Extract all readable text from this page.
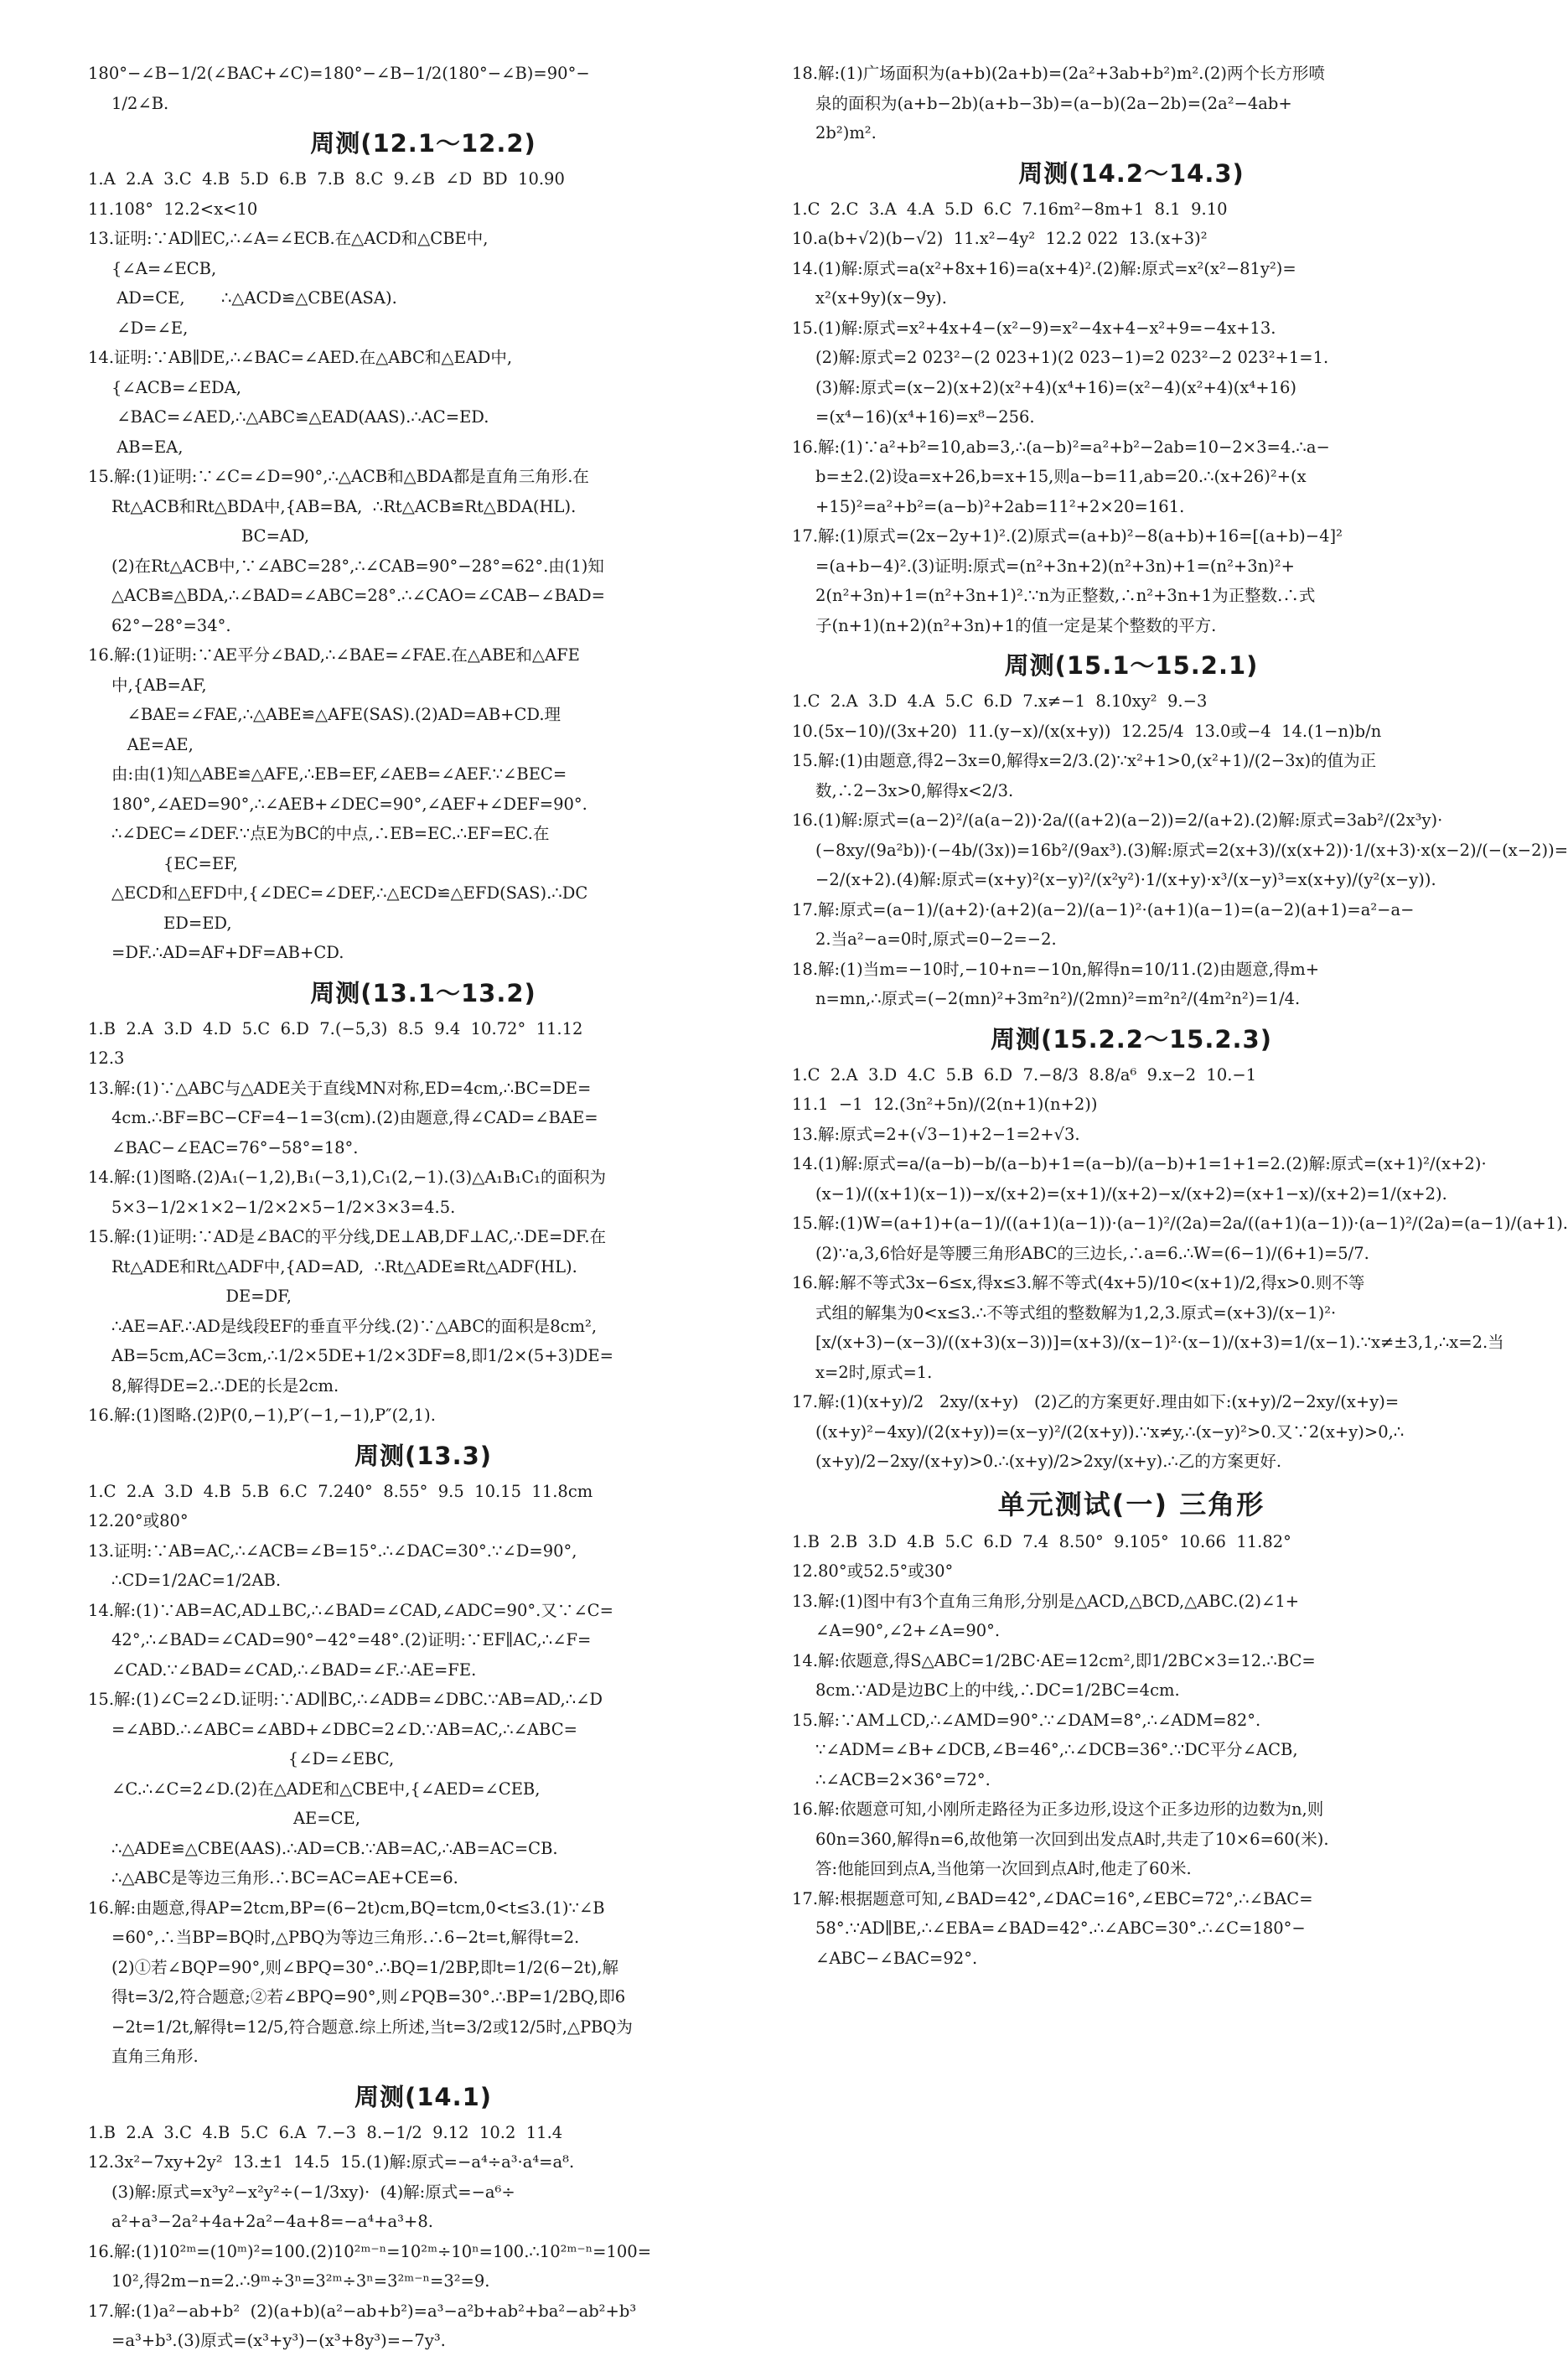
180°−∠B−1/2(∠BAC+∠C)=180°−∠B−1/2(180°−∠B)=90°−
1/2∠B.
周测(12.1～12.2)
1.A  2.A  3.C  4.B  5.D  6.B  7.B  8.C  9.∠B  ∠D  BD  10.90
11.108°  12.2<x<10
13.证明:∵AD∥EC,∴∠A=∠ECB.在△ACD和△CBE中,
{∠A=∠ECB,
AD=CE,       ∴△ACD≌△CBE(ASA).
∠D=∠E,
14.证明:∵AB∥DE,∴∠BAC=∠AED.在△ABC和△EAD中,
{∠ACB=∠EDA,
∠BAC=∠AED,∴△ABC≌△EAD(AAS).∴AC=ED.
AB=EA,
15.解:(1)证明:∵∠C=∠D=90°,∴△ACB和△BDA都是直角三角形.在
Rt△ACB和Rt△BDA中,{AB=BA,  ∴Rt△ACB≌Rt△BDA(HL).
BC=AD,
(2)在Rt△ACB中,∵∠ABC=28°,∴∠CAB=90°−28°=62°.由(1)知
△ACB≌△BDA,∴∠BAD=∠ABC=28°.∴∠CAO=∠CAB−∠BAD=
62°−28°=34°.
16.解:(1)证明:∵AE平分∠BAD,∴∠BAE=∠FAE.在△ABE和△AFE
中,{AB=AF,
∠BAE=∠FAE,∴△ABE≌△AFE(SAS).(2)AD=AB+CD.理
AE=AE,
由:由(1)知△ABE≌△AFE,∴EB=EF,∠AEB=∠AEF.∵∠BEC=
180°,∠AED=90°,∴∠AEB+∠DEC=90°,∠AEF+∠DEF=90°.
∴∠DEC=∠DEF.∵点E为BC的中点,∴EB=EC.∴EF=EC.在
{EC=EF,
△ECD和△EFD中,{∠DEC=∠DEF,∴△ECD≌△EFD(SAS).∴DC
ED=ED,
=DF.∴AD=AF+DF=AB+CD.
周测(13.1～13.2)
1.B  2.A  3.D  4.D  5.C  6.D  7.(−5,3)  8.5  9.4  10.72°  11.12
12.3
13.解:(1)∵△ABC与△ADE关于直线MN对称,ED=4cm,∴BC=DE=
4cm.∴BF=BC−CF=4−1=3(cm).(2)由题意,得∠CAD=∠BAE=
∠BAC−∠EAC=76°−58°=18°.
14.解:(1)图略.(2)A₁(−1,2),B₁(−3,1),C₁(2,−1).(3)△A₁B₁C₁的面积为
5×3−1/2×1×2−1/2×2×5−1/2×3×3=4.5.
15.解:(1)证明:∵AD是∠BAC的平分线,DE⊥AB,DF⊥AC,∴DE=DF.在
Rt△ADE和Rt△ADF中,{AD=AD,  ∴Rt△ADE≌Rt△ADF(HL).
DE=DF,
∴AE=AF.∴AD是线段EF的垂直平分线.(2)∵△ABC的面积是8cm²,
AB=5cm,AC=3cm,∴1/2×5DE+1/2×3DF=8,即1/2×(5+3)DE=
8,解得DE=2.∴DE的长是2cm.
16.解:(1)图略.(2)P(0,−1),P′(−1,−1),P″(2,1).
周测(13.3)
1.C  2.A  3.D  4.B  5.B  6.C  7.240°  8.55°  9.5  10.15  11.8cm
12.20°或80°
13.证明:∵AB=AC,∴∠ACB=∠B=15°.∴∠DAC=30°.∵∠D=90°,
∴CD=1/2AC=1/2AB.
14.解:(1)∵AB=AC,AD⊥BC,∴∠BAD=∠CAD,∠ADC=90°.又∵∠C=
42°,∴∠BAD=∠CAD=90°−42°=48°.(2)证明:∵EF∥AC,∴∠F=
∠CAD.∵∠BAD=∠CAD,∴∠BAD=∠F.∴AE=FE.
15.解:(1)∠C=2∠D.证明:∵AD∥BC,∴∠ADB=∠DBC.∵AB=AD,∴∠D
=∠ABD.∴∠ABC=∠ABD+∠DBC=2∠D.∵AB=AC,∴∠ABC=
{∠D=∠EBC,
∠C.∴∠C=2∠D.(2)在△ADE和△CBE中,{∠AED=∠CEB,
AE=CE,
∴△ADE≌△CBE(AAS).∴AD=CB.∵AB=AC,∴AB=AC=CB.
∴△ABC是等边三角形.∴BC=AC=AE+CE=6.
16.解:由题意,得AP=2tcm,BP=(6−2t)cm,BQ=tcm,0<t≤3.(1)∵∠B
=60°,∴当BP=BQ时,△PBQ为等边三角形.∴6−2t=t,解得t=2.
(2)①若∠BQP=90°,则∠BPQ=30°.∴BQ=1/2BP,即t=1/2(6−2t),解
得t=3/2,符合题意;②若∠BPQ=90°,则∠PQB=30°.∴BP=1/2BQ,即6
−2t=1/2t,解得t=12/5,符合题意.综上所述,当t=3/2或12/5时,△PBQ为
直角三角形.
周测(14.1)
1.B  2.A  3.C  4.B  5.C  6.A  7.−3  8.−1/2  9.12  10.2  11.4
12.3x²−7xy+2y²  13.±1  14.5  15.(1)解:原式=−a⁴÷a³·a⁴=a⁸.
(3)解:原式=x³y²−x²y²÷(−1/3xy)·  (4)解:原式=−a⁶÷
a²+a³−2a²+4a+2a²−4a+8=−a⁴+a³+8.
16.解:(1)10²ᵐ=(10ᵐ)²=100.(2)10²ᵐ⁻ⁿ=10²ᵐ÷10ⁿ=100.∴10²ᵐ⁻ⁿ=100=
10²,得2m−n=2.∴9ᵐ÷3ⁿ=3²ᵐ÷3ⁿ=3²ᵐ⁻ⁿ=3²=9.
17.解:(1)a²−ab+b²  (2)(a+b)(a²−ab+b²)=a³−a²b+ab²+ba²−ab²+b³
=a³+b³.(3)原式=(x³+y³)−(x³+8y³)=−7y³.
18.解:(1)广场面积为(a+b)(2a+b)=(2a²+3ab+b²)m².(2)两个长方形喷
泉的面积为(a+b−2b)(a+b−3b)=(a−b)(2a−2b)=(2a²−4ab+
2b²)m².
周测(14.2～14.3)
1.C  2.C  3.A  4.A  5.D  6.C  7.16m²−8m+1  8.1  9.10
10.a(b+√2)(b−√2)  11.x²−4y²  12.2 022  13.(x+3)²
14.(1)解:原式=a(x²+8x+16)=a(x+4)².(2)解:原式=x²(x²−81y²)=
x²(x+9y)(x−9y).
15.(1)解:原式=x²+4x+4−(x²−9)=x²−4x+4−x²+9=−4x+13.
(2)解:原式=2 023²−(2 023+1)(2 023−1)=2 023²−2 023²+1=1.
(3)解:原式=(x−2)(x+2)(x²+4)(x⁴+16)=(x²−4)(x²+4)(x⁴+16)
=(x⁴−16)(x⁴+16)=x⁸−256.
16.解:(1)∵a²+b²=10,ab=3,∴(a−b)²=a²+b²−2ab=10−2×3=4.∴a−
b=±2.(2)设a=x+26,b=x+15,则a−b=11,ab=20.∴(x+26)²+(x
+15)²=a²+b²=(a−b)²+2ab=11²+2×20=161.
17.解:(1)原式=(2x−2y+1)².(2)原式=(a+b)²−8(a+b)+16=[(a+b)−4]²
=(a+b−4)².(3)证明:原式=(n²+3n+2)(n²+3n)+1=(n²+3n)²+
2(n²+3n)+1=(n²+3n+1)².∵n为正整数,∴n²+3n+1为正整数.∴式
子(n+1)(n+2)(n²+3n)+1的值一定是某个整数的平方.
周测(15.1～15.2.1)
1.C  2.A  3.D  4.A  5.C  6.D  7.x≠−1  8.10xy²  9.−3
10.(5x−10)/(3x+20)  11.(y−x)/(x(x+y))  12.25/4  13.0或−4  14.(1−n)b/n
15.解:(1)由题意,得2−3x=0,解得x=2/3.(2)∵x²+1>0,(x²+1)/(2−3x)的值为正
数,∴2−3x>0,解得x<2/3.
16.(1)解:原式=(a−2)²/(a(a−2))·2a/((a+2)(a−2))=2/(a+2).(2)解:原式=3ab²/(2x³y)·
(−8xy/(9a²b))·(−4b/(3x))=16b²/(9ax³).(3)解:原式=2(x+3)/(x(x+2))·1/(x+3)·x(x−2)/(−(x−2))=
−2/(x+2).(4)解:原式=(x+y)²(x−y)²/(x²y²)·1/(x+y)·x³/(x−y)³=x(x+y)/(y²(x−y)).
17.解:原式=(a−1)/(a+2)·(a+2)(a−2)/(a−1)²·(a+1)(a−1)=(a−2)(a+1)=a²−a−
2.当a²−a=0时,原式=0−2=−2.
18.解:(1)当m=−10时,−10+n=−10n,解得n=10/11.(2)由题意,得m+
n=mn,∴原式=(−2(mn)²+3m²n²)/(2mn)²=m²n²/(4m²n²)=1/4.
周测(15.2.2～15.2.3)
1.C  2.A  3.D  4.C  5.B  6.D  7.−8/3  8.8/a⁶  9.x−2  10.−1
11.1  −1  12.(3n²+5n)/(2(n+1)(n+2))
13.解:原式=2+(√3−1)+2−1=2+√3.
14.(1)解:原式=a/(a−b)−b/(a−b)+1=(a−b)/(a−b)+1=1+1=2.(2)解:原式=(x+1)²/(x+2)·
(x−1)/((x+1)(x−1))−x/(x+2)=(x+1)/(x+2)−x/(x+2)=(x+1−x)/(x+2)=1/(x+2).
15.解:(1)W=(a+1)+(a−1)/((a+1)(a−1))·(a−1)²/(2a)=2a/((a+1)(a−1))·(a−1)²/(2a)=(a−1)/(a+1).
(2)∵a,3,6恰好是等腰三角形ABC的三边长,∴a=6.∴W=(6−1)/(6+1)=5/7.
16.解:解不等式3x−6≤x,得x≤3.解不等式(4x+5)/10<(x+1)/2,得x>0.则不等
式组的解集为0<x≤3.∴不等式组的整数解为1,2,3.原式=(x+3)/(x−1)²·
[x/(x+3)−(x−3)/((x+3)(x−3))]=(x+3)/(x−1)²·(x−1)/(x+3)=1/(x−1).∵x≠±3,1,∴x=2.当
x=2时,原式=1.
17.解:(1)(x+y)/2   2xy/(x+y)   (2)乙的方案更好.理由如下:(x+y)/2−2xy/(x+y)=
((x+y)²−4xy)/(2(x+y))=(x−y)²/(2(x+y)).∵x≠y,∴(x−y)²>0.又∵2(x+y)>0,∴
(x+y)/2−2xy/(x+y)>0.∴(x+y)/2>2xy/(x+y).∴乙的方案更好.
单元测试(一) 三角形
1.B  2.B  3.D  4.B  5.C  6.D  7.4  8.50°  9.105°  10.66  11.82°
12.80°或52.5°或30°
13.解:(1)图中有3个直角三角形,分别是△ACD,△BCD,△ABC.(2)∠1+
∠A=90°,∠2+∠A=90°.
14.解:依题意,得S△ABC=1/2BC·AE=12cm²,即1/2BC×3=12.∴BC=
8cm.∵AD是边BC上的中线,∴DC=1/2BC=4cm.
15.解:∵AM⊥CD,∴∠AMD=90°.∵∠DAM=8°,∴∠ADM=82°.
∵∠ADM=∠B+∠DCB,∠B=46°,∴∠DCB=36°.∵DC平分∠ACB,
∴∠ACB=2×36°=72°.
16.解:依题意可知,小刚所走路径为正多边形,设这个正多边形的边数为n,则
60n=360,解得n=6,故他第一次回到出发点A时,共走了10×6=60(米).
答:他能回到点A,当他第一次回到点A时,他走了60米.
17.解:根据题意可知,∠BAD=42°,∠DAC=16°,∠EBC=72°,∴∠BAC=
58°.∵AD∥BE,∴∠EBA=∠BAD=42°.∴∠ABC=30°.∴∠C=180°−
∠ABC−∠BAC=92°.
